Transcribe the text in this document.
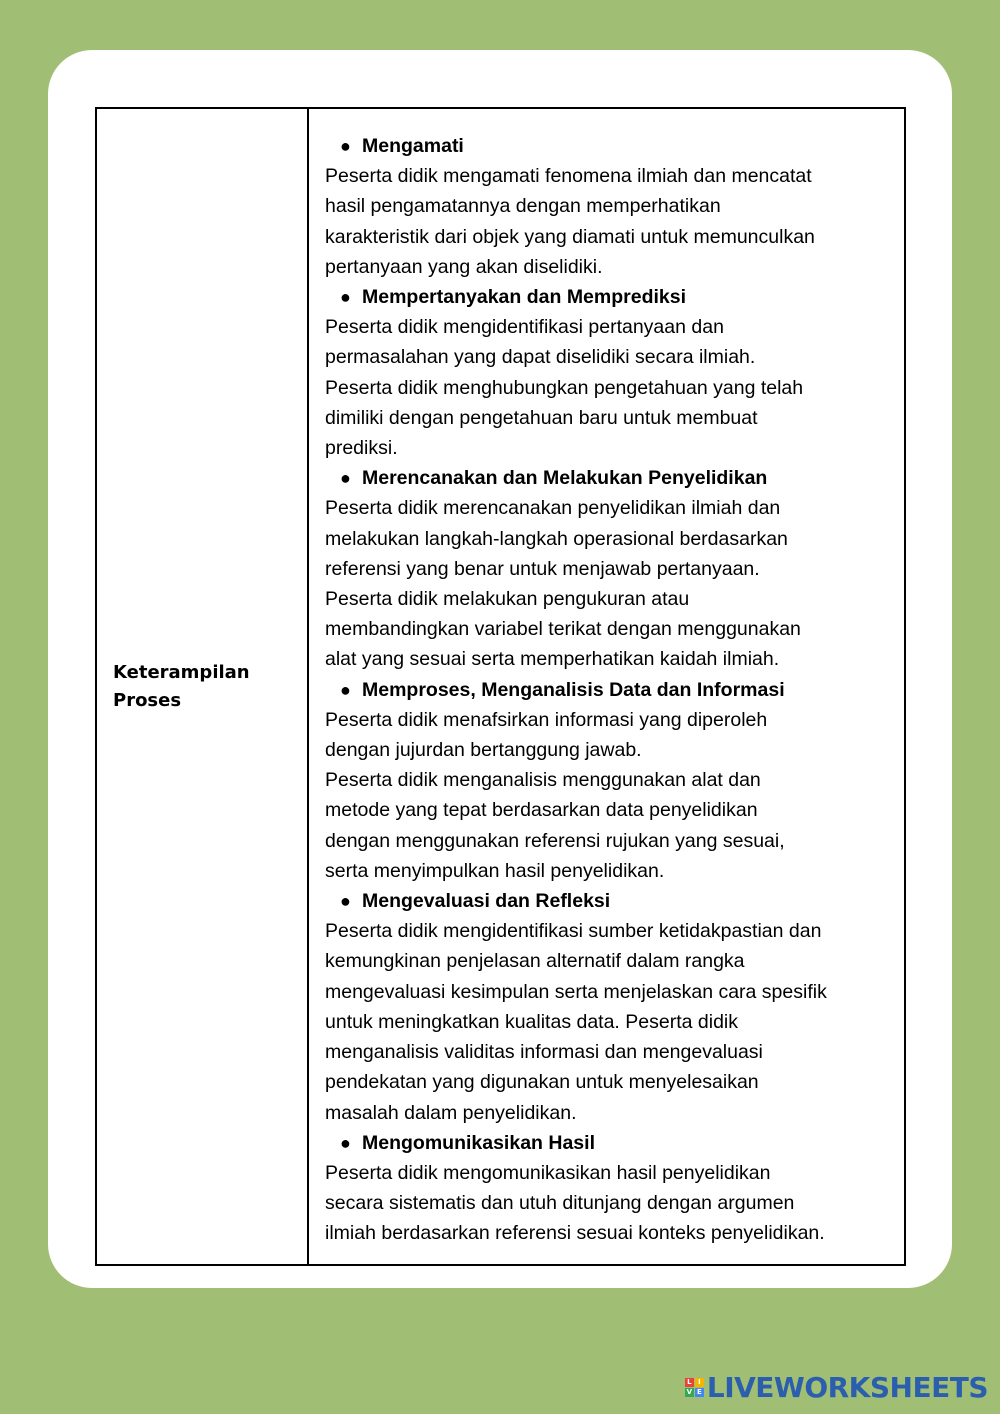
Keterampilan Proses
● Mengamati

Peserta didik mengamati fenomena ilmiah dan mencatat
hasil pengamatannya dengan memperhatikan
karakteristik dari objek yang diamati untuk memunculkan
pertanyaan yang akan diselidiki.

● Mempertanyakan dan Memprediksi

Peserta didik mengidentifikasi pertanyaan dan
permasalahan yang dapat diselidiki secara ilmiah.
Peserta didik menghubungkan pengetahuan yang telah
dimiliki dengan pengetahuan baru untuk membuat
prediksi.

● Merencanakan dan Melakukan Penyelidikan

Peserta didik merencanakan penyelidikan ilmiah dan
melakukan langkah-langkah operasional berdasarkan
referensi yang benar untuk menjawab pertanyaan.
Peserta didik melakukan pengukuran atau
membandingkan variabel terikat dengan menggunakan
alat yang sesuai serta memperhatikan kaidah ilmiah.

● Memproses, Menganalisis Data dan Informasi

Peserta didik menafsirkan informasi yang diperoleh
dengan jujurdan bertanggung jawab.
Peserta didik menganalisis menggunakan alat dan
metode yang tepat berdasarkan data penyelidikan
dengan menggunakan referensi rujukan yang sesuai,
serta menyimpulkan hasil penyelidikan.

● Mengevaluasi dan Refleksi

Peserta didik mengidentifikasi sumber ketidakpastian dan
kemungkinan penjelasan alternatif dalam rangka
mengevaluasi kesimpulan serta menjelaskan cara spesifik
untuk meningkatkan kualitas data. Peserta didik
menganalisis validitas informasi dan mengevaluasi
pendekatan yang digunakan untuk menyelesaikan
masalah dalam penyelidikan.

● Mengomunikasikan Hasil

Peserta didik mengomunikasikan hasil penyelidikan
secara sistematis dan utuh ditunjang dengan argumen
ilmiah berdasarkan referensi sesuai konteks penyelidikan.

L I
V E LIVEWORKSHEETS
